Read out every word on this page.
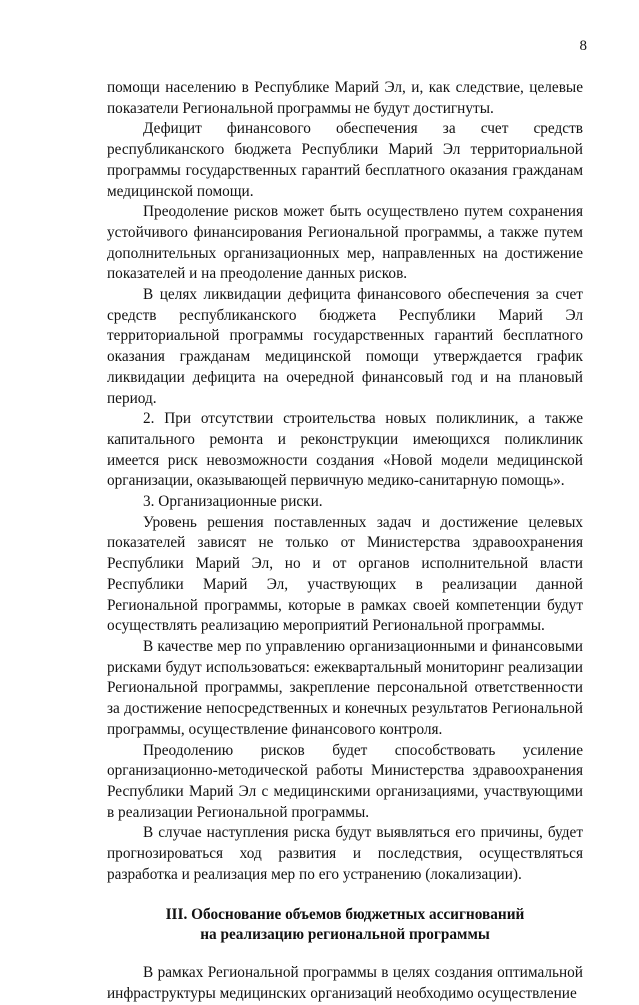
8

помощи населению в Республике Марий Эл, и, как следствие, целевые показатели Региональной программы не будут достигнуты.

Дефицит финансового обеспечения за счет средств республиканского бюджета Республики Марий Эл территориальной программы государственных гарантий бесплатного оказания гражданам медицинской помощи.

Преодоление рисков может быть осуществлено путем сохранения устойчивого финансирования Региональной программы, а также путем дополнительных организационных мер, направленных на достижение показателей и на преодоление данных рисков.

В целях ликвидации дефицита финансового обеспечения за счет средств республиканского бюджета Республики Марий Эл территориальной программы государственных гарантий бесплатного оказания гражданам медицинской помощи утверждается график ликвидации дефицита на очередной финансовый год и на плановый период.

2. При отсутствии строительства новых поликлиник, а также капитального ремонта и реконструкции имеющихся поликлиник имеется риск невозможности создания «Новой модели медицинской организации, оказывающей первичную медико-санитарную помощь».

3. Организационные риски.

Уровень решения поставленных задач и достижение целевых показателей зависят не только от Министерства здравоохранения Республики Марий Эл, но и от органов исполнительной власти Республики Марий Эл, участвующих в реализации данной Региональной программы, которые в рамках своей компетенции будут осуществлять реализацию мероприятий Региональной программы.

В качестве мер по управлению организационными и финансовыми рисками будут использоваться: ежеквартальный мониторинг реализации Региональной программы, закрепление персональной ответственности за достижение непосредственных и конечных результатов Региональной программы, осуществление финансового контроля.

Преодолению рисков будет способствовать усиление организационно-методической работы Министерства здравоохранения Республики Марий Эл с медицинскими организациями, участвующими в реализации Региональной программы.

В случае наступления риска будут выявляться его причины, будет прогнозироваться ход развития и последствия, осуществляться разработка и реализация мер по его устранению (локализации).

III. Обоснование объемов бюджетных ассигнований
на реализацию региональной программы

В рамках Региональной программы в целях создания оптимальной инфраструктуры медицинских организаций необходимо осуществление
